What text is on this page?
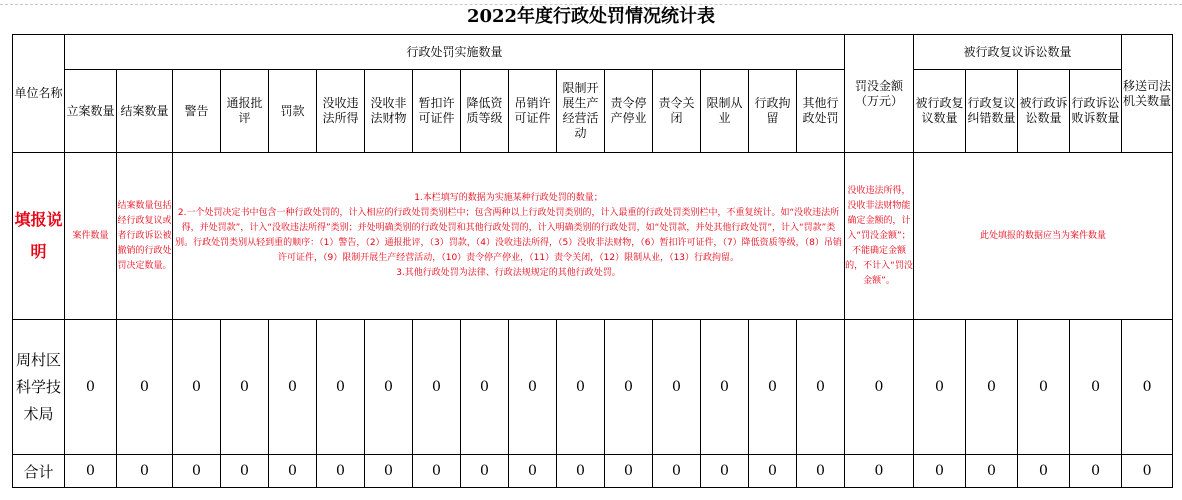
2022年度行政处罚情况统计表
单位名称	行政处罚实施数量																罚没金额（万元）	被行政复议诉讼数量				移送司法机关数量
	立案数量	结案数量	警告	通报批评	罚款	没收违法所得	没收非法财物	暂扣许可证件	降低资质等级	吊销许可证件	限制开展生产经营活动	责令停产停业	责令关闭	限制从业	行政拘留	其他行政处罚		被行政复议数量	行政复议纠错数量	被行政诉讼数量	行政诉讼败诉数量	
填报说明	案件数量	结案数量包括经行政复议或者行政诉讼被撤销的行政处罚决定数量。	1.本栏填写的数据为实施某种行政处罚的数量；
2.一个处罚决定书中包含一种行政处罚的，计入相应的行政处罚类别栏中；包含两种以上行政处罚类别的，计入最重的行政处罚类别栏中，不重复统计。如“没收违法所得，并处罚款”，计入“没收违法所得”类别；并处明确类别的行政处罚和其他行政处罚的，计入明确类别的行政处罚，如“处罚款，并处其他行政处罚”，计入“罚款”类别。行政处罚类别从轻到重的顺序：（1）警告，（2）通报批评，（3）罚款，（4）没收违法所得，（5）没收非法财物，（6）暂扣许可证件，（7）降低资质等级，（8）吊销许可证件，（9）限制开展生产经营活动，（10）责令停产停业，（11）责令关闭，（12）限制从业，（13）行政拘留。
3.其他行政处罚为法律、行政法规规定的其他行政处罚。														没收违法所得，没收非法财物能确定金额的，计入“罚没金额”；不能确定金额的，不计入“罚没金额”。	此处填报的数据应当为案件数量				
周村区科学技术局	0	0	0	0	0	0	0	0	0	0	0	0	0	0	0	0	0	0	0	0	0	0
合计	0	0	0	0	0	0	0	0	0	0	0	0	0	0	0	0	0	0	0	0	0	0
